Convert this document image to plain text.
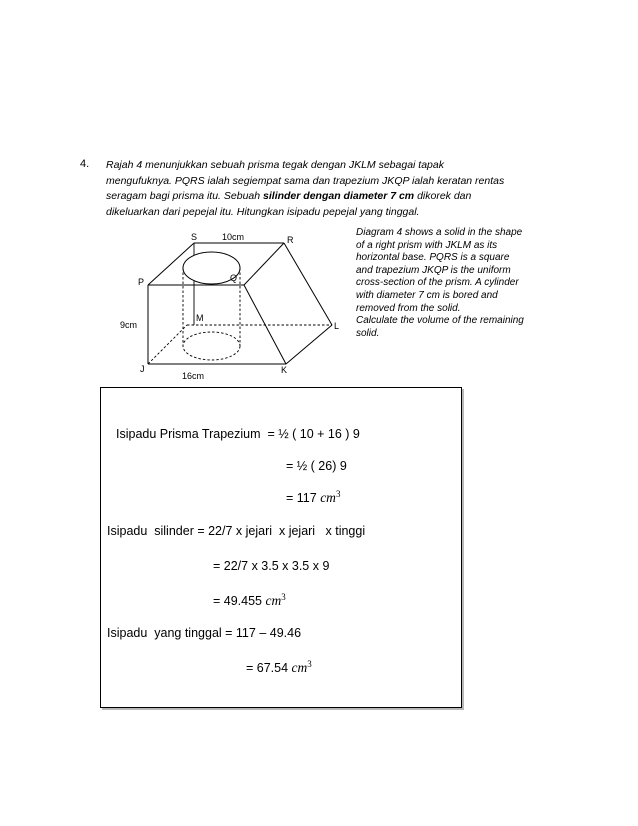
4. Rajah 4 menunjukkan sebuah prisma tegak dengan JKLM sebagai tapak
mengufuknya. PQRS ialah segiempat sama dan trapezium JKQP ialah keratan rentas
seragam bagi prisma itu. Sebuah silinder dengan diameter 7 cm dikorek dan
dikeluarkan dari pepejal itu. Hitungkan isipadu pepejal yang tinggal.
S	10cm	R
P	Q
M
9cm	L
J
16cm
K
Diagram 4 shows a solid in the shape
of a right prism with JKLM as its
horizontal base. PQRS is a square
and trapezium JKQP is the uniform
cross-section of the prism. A cylinder
with diameter 7 cm is bored and
removed from the solid.
Calculate the volume of the remaining
solid.
Isipadu Prisma Trapezium  = ½ ( 10 + 16 ) 9
= ½ ( 26) 9
= 117 $cm^3$
Isipadu  silinder = 22/7 x jejari  x jejari   x tinggi
= 22/7 x 3.5 x 3.5 x 9
= 49.455 $cm^3$
Isipadu  yang tinggal = 117 – 49.46
= 67.54 $cm^3$
